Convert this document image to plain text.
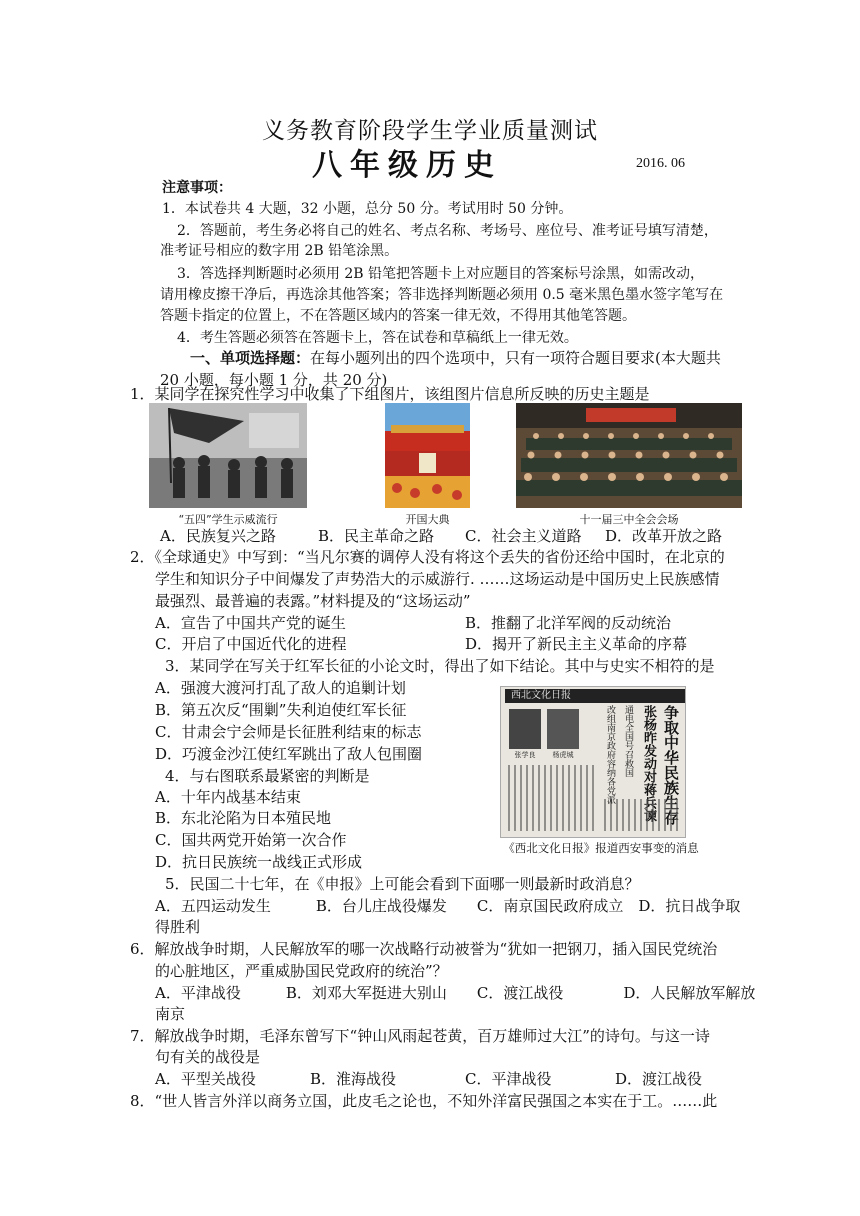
义务教育阶段学生学业质量测试
八年级历史	2016. 06
注意事项：
1．本试卷共 4 大题，32 小题，总分 50 分。考试用时 50 分钟。
2．答题前，考生务必将自己的姓名、考点名称、考场号、座位号、准考证号填写清楚，
准考证号相应的数字用 2B 铅笔涂黑。
3．答选择判断题时必须用 2B 铅笔把答题卡上对应题目的答案标号涂黑，如需改动，
请用橡皮擦干净后，再选涂其他答案；答非选择判断题必须用 0.5 毫米黑色墨水签字笔写在
答题卡指定的位置上，不在答题区域内的答案一律无效，不得用其他笔答题。
4．考生答题必须答在答题卡上，答在试卷和草稿纸上一律无效。
一、单项选择题：在每小题列出的四个选项中，只有一项符合题目要求(本大题共
20 小题，每小题 1 分，共 20 分)
1．某同学在探究性学习中收集了下组图片，该组图片信息所反映的历史主题是
“五四”学生示威流行	开国大典	十一届三中全会会场
A．民族复兴之路	B．民主革命之路 C．社会主义道路 D．改革开放之路
2．《全球通史》中写到：“当凡尔赛的调停人没有将这个丢失的省份还给中国时，在北京的
学生和知识分子中间爆发了声势浩大的示威游行. ……这场运动是中国历史上民族感情
最强烈、最普遍的表露。”材料提及的“这场运动”
A．宣告了中国共产党的诞生	B．推翻了北洋军阀的反动统治
C．开启了中国近代化的进程	D．揭开了新民主主义革命的序幕
3．某同学在写关于红军长征的小论文时，得出了如下结论。其中与史实不相符的是
A．强渡大渡河打乱了敌人的追剿计划
B．第五次反“围剿”失利迫使红军长征
C．甘肃会宁会师是长征胜利结束的标志
D．巧渡金沙江使红军跳出了敌人包围圈
4．与右图联系最紧密的判断是
A．十年内战基本结束
B．东北沦陷为日本殖民地
C．国共两党开始第一次合作
D．抗日民族统一战线正式形成
西北文化日报
张学良	杨虎城	争取中华民族生存
张杨昨发动对蒋兵谏
通电全国号召救国
改组南京政府容纳各党派
《西北文化日报》报道西安事变的消息
5．民国二十七年，在《申报》上可能会看到下面哪一则最新时政消息？
A．五四运动发生　　　B．台儿庄战役爆发　　C．南京国民政府成立　D．抗日战争取
得胜利
6．解放战争时期，人民解放军的哪一次战略行动被誉为“犹如一把钢刀，插入国民党统治
的心脏地区，严重威胁国民党政府的统治”？
A．平津战役　　　B．刘邓大军挺进大别山　　C．渡江战役　　　　D．人民解放军解放
南京
7．解放战争时期，毛泽东曾写下“钟山风雨起苍黄，百万雄师过大江”的诗句。与这一诗
句有关的战役是
A．平型关战役	B．淮海战役	C．平津战役	D．渡江战役
8．“世人皆言外洋以商务立国，此皮毛之论也，不知外洋富民强国之本实在于工。……此
